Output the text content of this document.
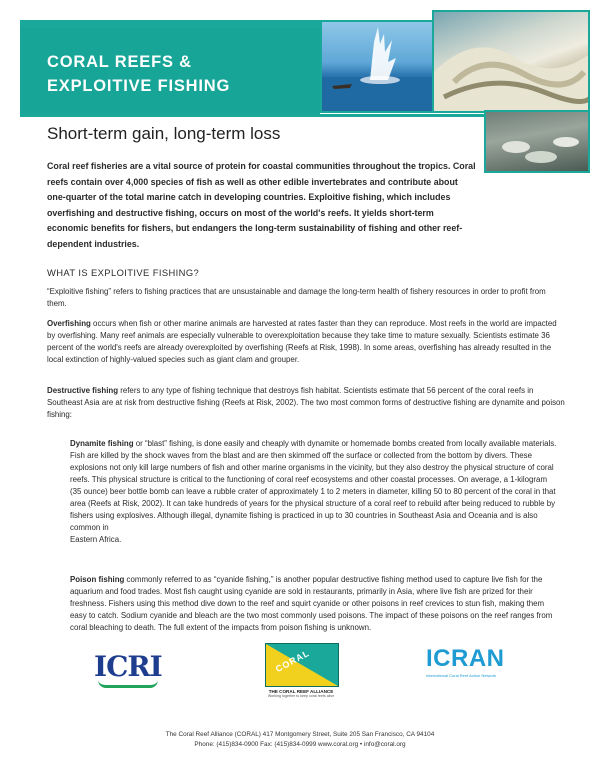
CORAL REEFS &
EXPLOITIVE FISHING
Short-term gain, long-term loss
Coral reef fisheries are a vital source of protein for coastal communities throughout the tropics. Coral reefs contain over 4,000 species of fish as well as other edible invertebrates and contribute about one-quarter of the total marine catch in developing countries. Exploitive fishing, which includes overfishing and destructive fishing, occurs on most of the world's reefs. It yields short-term economic benefits for fishers, but endangers the long-term sustainability of fishing and other reef-dependent industries.
WHAT IS EXPLOITIVE FISHING?
“Exploitive fishing” refers to fishing practices that are unsustainable and damage the long-term health of fishery resources in order to profit from them.
Overfishing occurs when fish or other marine animals are harvested at rates faster than they can reproduce. Most reefs in the world are impacted by overfishing. Many reef animals are especially vulnerable to overexploitation because they take time to mature sexually. Scientists estimate 36 percent of the world's reefs are already overexploited by overfishing (Reefs at Risk, 1998). In some areas, overfishing has already resulted in the local extinction of highly-valued species such as giant clam and grouper.
Destructive fishing refers to any type of fishing technique that destroys fish habitat. Scientists estimate that 56 percent of the coral reefs in Southeast Asia are at risk from destructive fishing (Reefs at Risk, 2002). The two most common forms of destructive fishing are dynamite and poison fishing:
Dynamite fishing or “blast” fishing, is done easily and cheaply with dynamite or homemade bombs created from locally available materials. Fish are killed by the shock waves from the blast and are then skimmed off the surface or collected from the bottom by divers. These explosions not only kill large numbers of fish and other marine organisms in the vicinity, but they also destroy the physical structure of coral reefs. This physical structure is critical to the functioning of coral reef ecosystems and other coastal processes. On average, a 1-kilogram (35 ounce) beer bottle bomb can leave a rubble crater of approximately 1 to 2 meters in diameter, killing 50 to 80 percent of the coral in that area (Reefs at Risk, 2002). It can take hundreds of years for the physical structure of a coral reef to rebuild after being reduced to rubble by fishers using explosives. Although illegal, dynamite fishing is practiced in up to 30 countries in Southeast Asia and Oceania and is also common in
Eastern Africa.
Poison fishing commonly referred to as “cyanide fishing,” is another popular destructive fishing method used to capture live fish for the aquarium and food trades. Most fish caught using cyanide are sold in restaurants, primarily in Asia, where live fish are prized for their freshness. Fishers using this method dive down to the reef and squirt cyanide or other poisons in reef crevices to stun fish, making them easy to catch. Sodium cyanide and bleach are the two most commonly used poisons. The impact of these poisons on the reef ranges from coral bleaching to death. The full extent of the impacts from poison fishing is unknown.
ICRI	CORAL
THE CORAL REEF ALLIANCE
Working together to keep coral reefs alive
ICRAN
International Coral Reef Action Network
The Coral Reef Alliance (CORAL) 417 Montgomery Street, Suite 205 San Francisco, CA 94104
Phone: (415)834-0900 Fax: (415)834-0999 www.coral.org • info@coral.org
